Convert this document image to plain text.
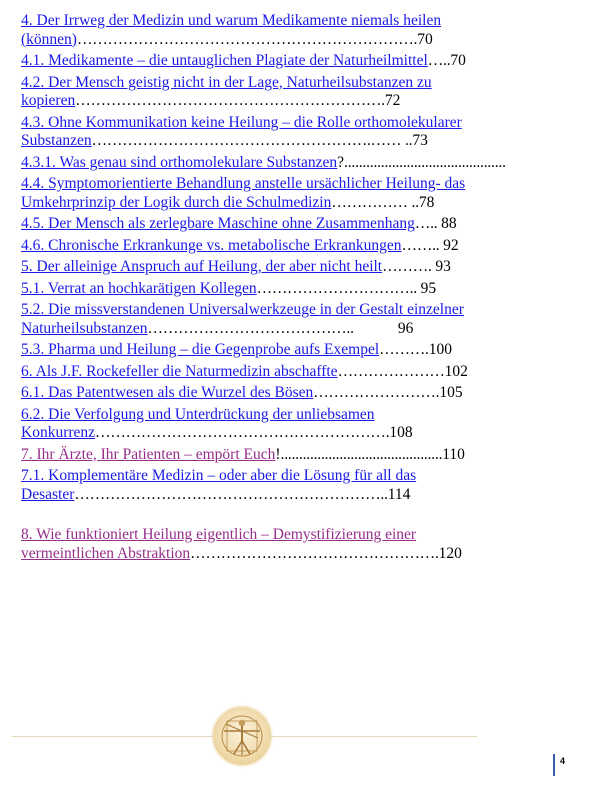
4. Der Irrweg der Medizin und warum Medikamente niemals heilen
(können)………………………………………………………….70

4.1. Medikamente – die untauglichen Plagiate der Naturheilmittel…..70

4.2. Der Mensch geistig nicht in der Lage, Naturheilsubstanzen zu
kopieren…………………………………………………….72

4.3. Ohne Kommunikation keine Heilung – die Rolle orthomolekularer
Substanzen……………………………………………….…… ..73

4.3.1. Was genau sind orthomolekulare Substanzen?............................................

4.4. Symptomorientierte Behandlung anstelle ursächlicher Heilung- das
Umkehrprinzip der Logik durch die Schulmedizin…………… ..78

4.5. Der Mensch als zerlegbare Maschine ohne Zusammenhang….. 88

4.6. Chronische Erkrankunge vs. metabolische Erkrankungen…….. 92

5. Der alleinige Anspruch auf Heilung, der aber nicht heilt………. 93

5.1. Verrat an hochkarätigen Kollegen………………………….. 95

5.2. Die missverstandenen Universalwerkzeuge in der Gestalt einzelner
Naturheilsubstanzen…………………………………..            96

5.3. Pharma und Heilung – die Gegenprobe aufs Exempel……….100

6. Als J.F. Rockefeller die Naturmedizin abschaffte…………………102

6.1. Das Patentwesen als die Wurzel des Bösen…………………….105

6.2. Die Verfolgung und Unterdrückung der unliebsamen
Konkurrenz………………………………………………….108

7. Ihr Ärzte, Ihr Patienten – empört Euch!............................................110

7.1. Komplementäre Medizin – oder aber die Lösung für all das
Desaster……………………………………………………..114

8. Wie funktioniert Heilung eigentlich – Demystifizierung einer
vermeintlichen Abstraktion………………………………………….120

4
